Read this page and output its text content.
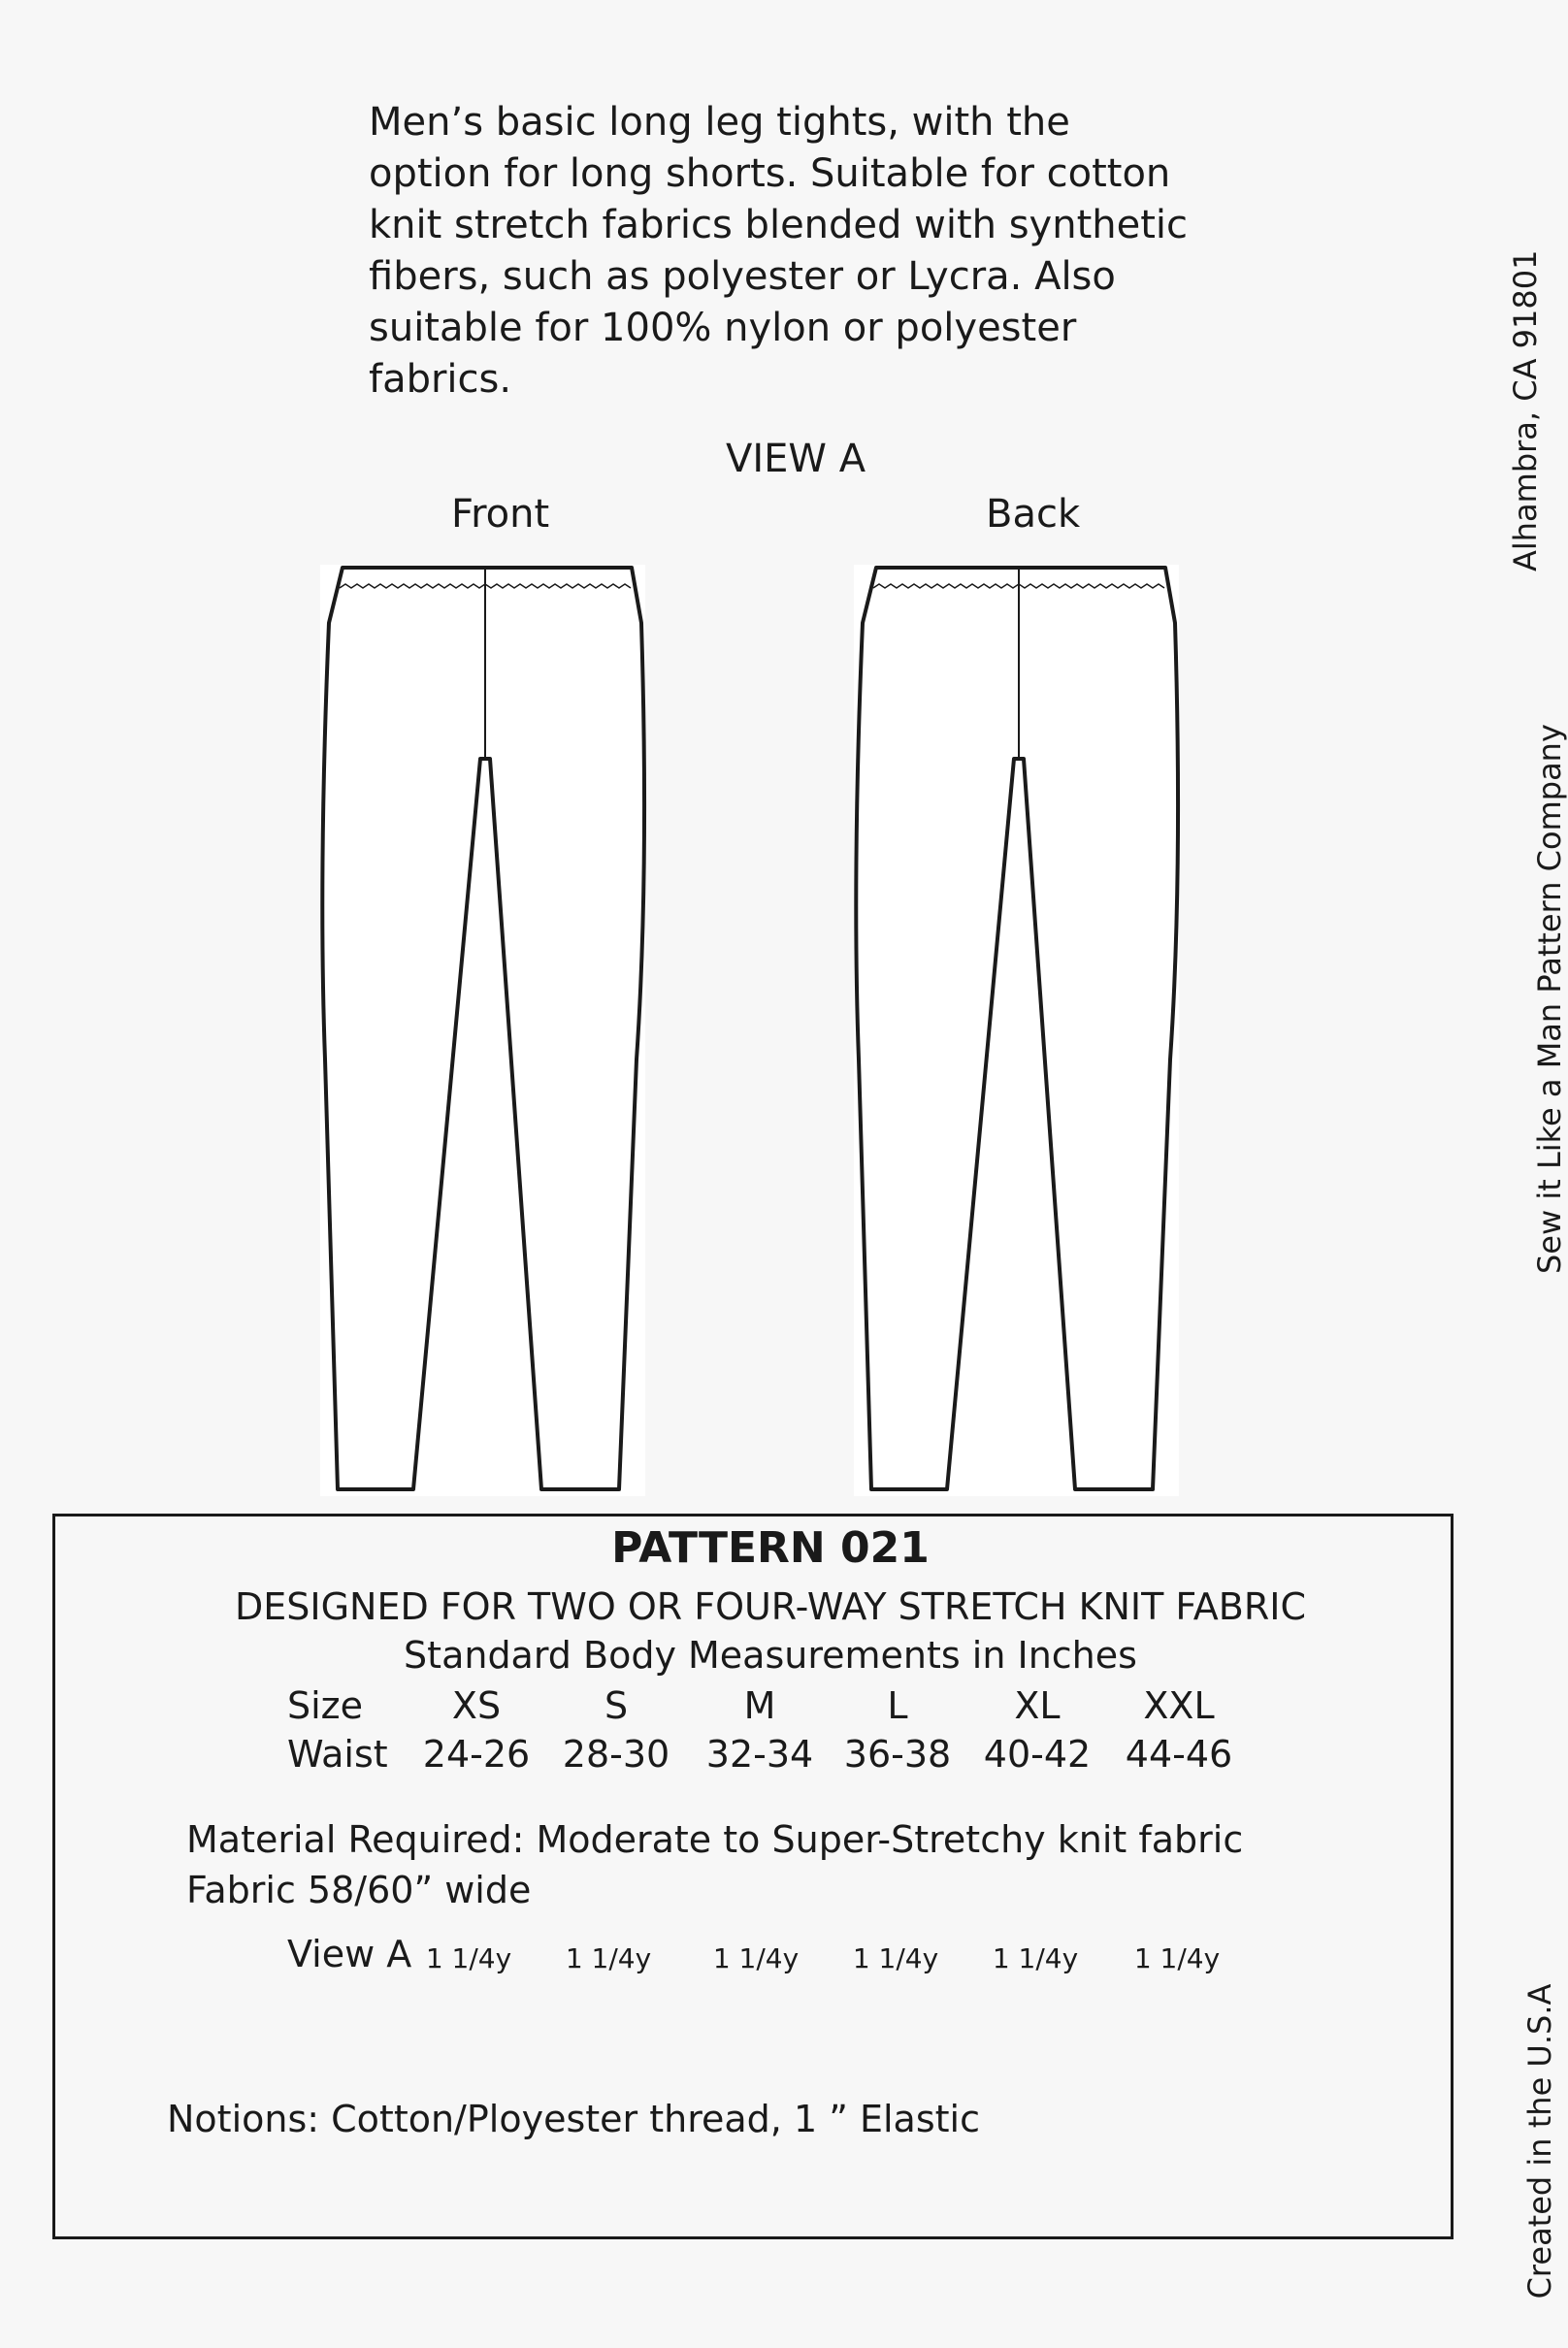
Men’s basic long leg tights, with the
option for long shorts. Suitable for cotton
knit stretch fabrics blended with synthetic
fibers, such as polyester or Lycra. Also
suitable for 100% nylon or polyester
fabrics.
VIEW A
Front	Back
PATTERN 021
DESIGNED FOR TWO OR FOUR-WAY STRETCH KNIT FABRIC
Standard Body Measurements in Inches
Size	XS	S	M	L	XL	XXL
Waist 24-26 28-30 32-34 36-38 40-42 44-46
Material Required: Moderate to Super-Stretchy knit fabric
Fabric 58/60” wide
View A 1 1/4y	1 1/4y	1 1/4y	1 1/4y	1 1/4y	1 1/4y
Notions: Cotton/Ployester thread, 1 ” Elastic
Alhambra, CA 91801
Sew it Like a Man Pattern Company
Created in the U.S.A
